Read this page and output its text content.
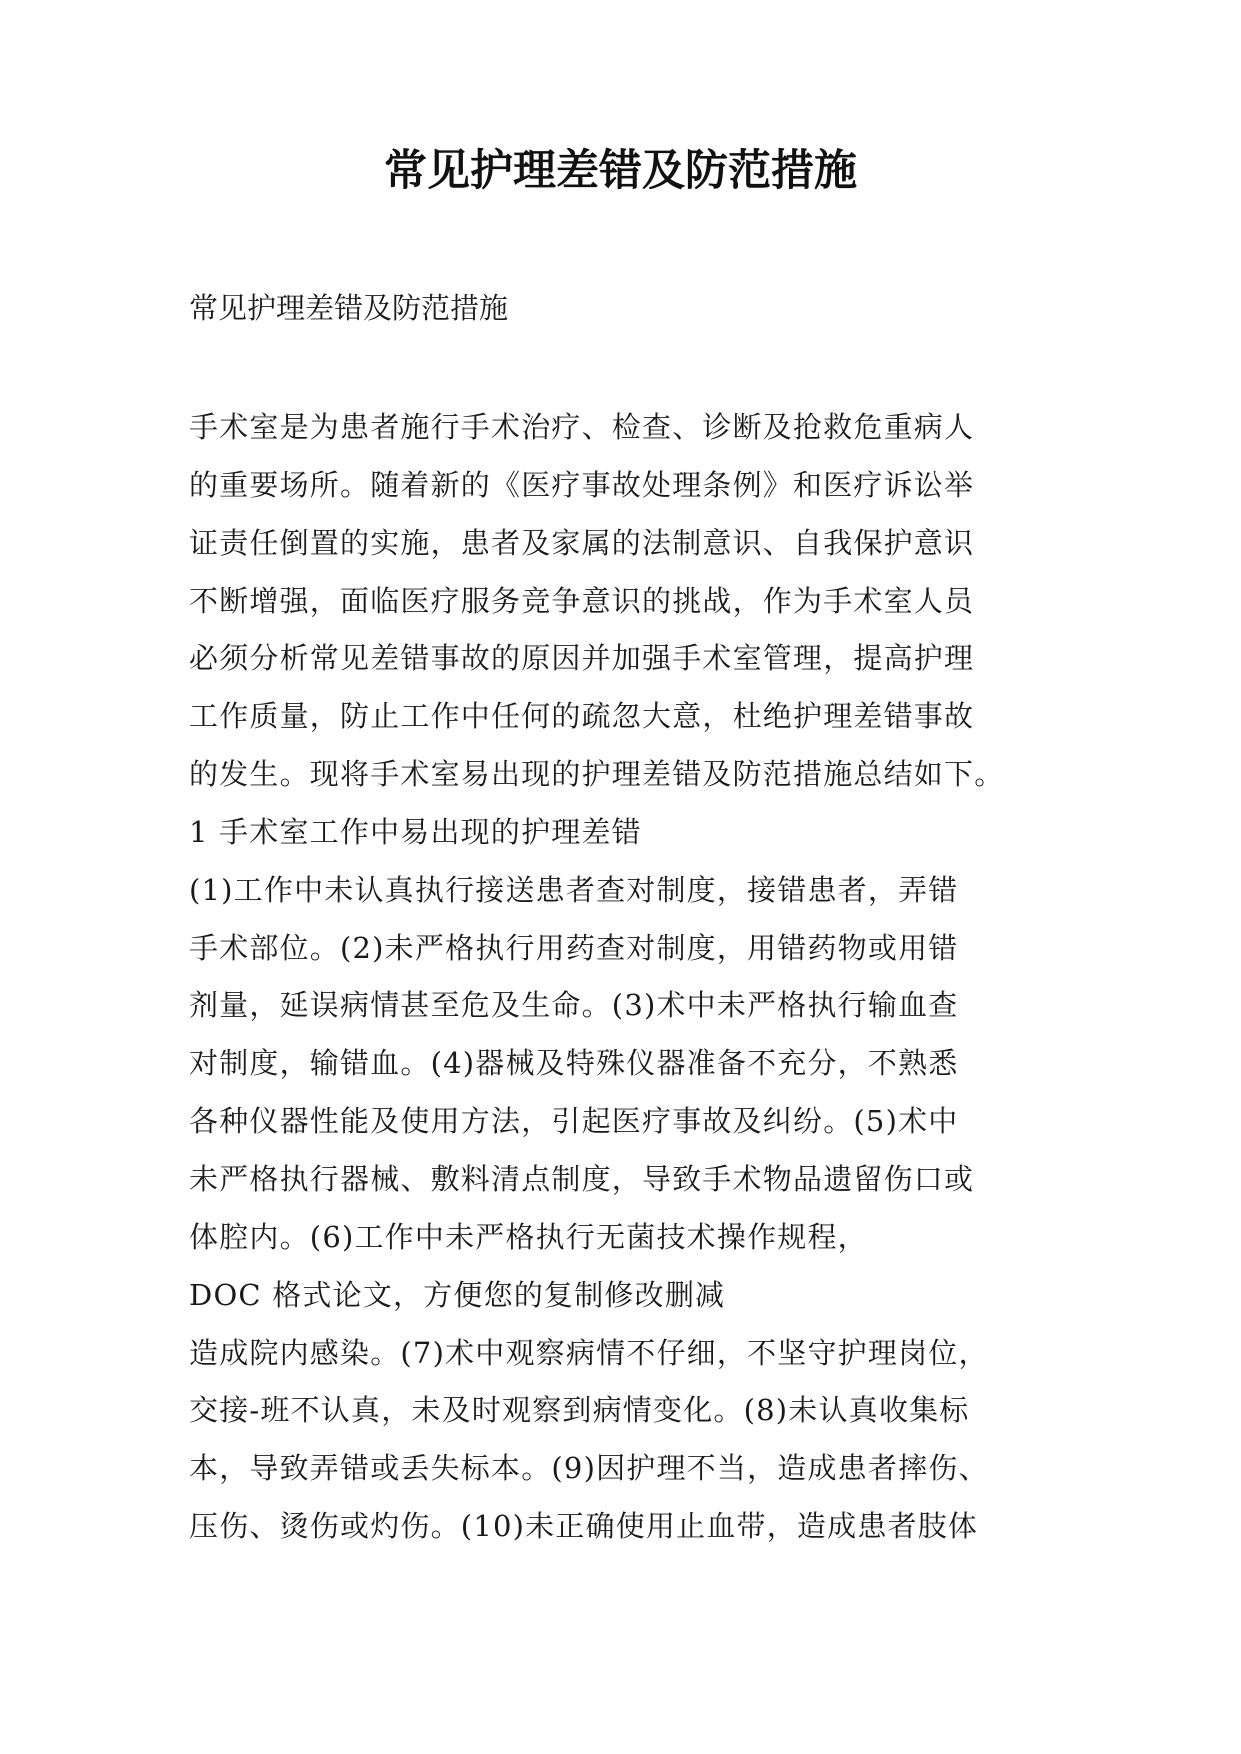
常见护理差错及防范措施

常见护理差错及防范措施

手术室是为患者施行手术治疗、检查、诊断及抢救危重病人
的重要场所。随着新的《医疗事故处理条例》和医疗诉讼举
证责任倒置的实施，患者及家属的法制意识、自我保护意识
不断增强，面临医疗服务竞争意识的挑战，作为手术室人员
必须分析常见差错事故的原因并加强手术室管理，提高护理
工作质量，防止工作中任何的疏忽大意，杜绝护理差错事故
的发生。现将手术室易出现的护理差错及防范措施总结如下。
1 手术室工作中易出现的护理差错
(1)工作中未认真执行接送患者查对制度，接错患者，弄错
手术部位。(2)未严格执行用药查对制度，用错药物或用错
剂量，延误病情甚至危及生命。(3)术中未严格执行输血查
对制度，输错血。(4)器械及特殊仪器准备不充分，不熟悉
各种仪器性能及使用方法，引起医疗事故及纠纷。(5)术中
未严格执行器械、敷料清点制度，导致手术物品遗留伤口或
体腔内。(6)工作中未严格执行无菌技术操作规程，
DOC 格式论文，方便您的复制修改删减
造成院内感染。(7)术中观察病情不仔细，不坚守护理岗位，
交接-班不认真，未及时观察到病情变化。(8)未认真收集标
本，导致弄错或丢失标本。(9)因护理不当，造成患者摔伤、
压伤、烫伤或灼伤。(10)未正确使用止血带，造成患者肢体
